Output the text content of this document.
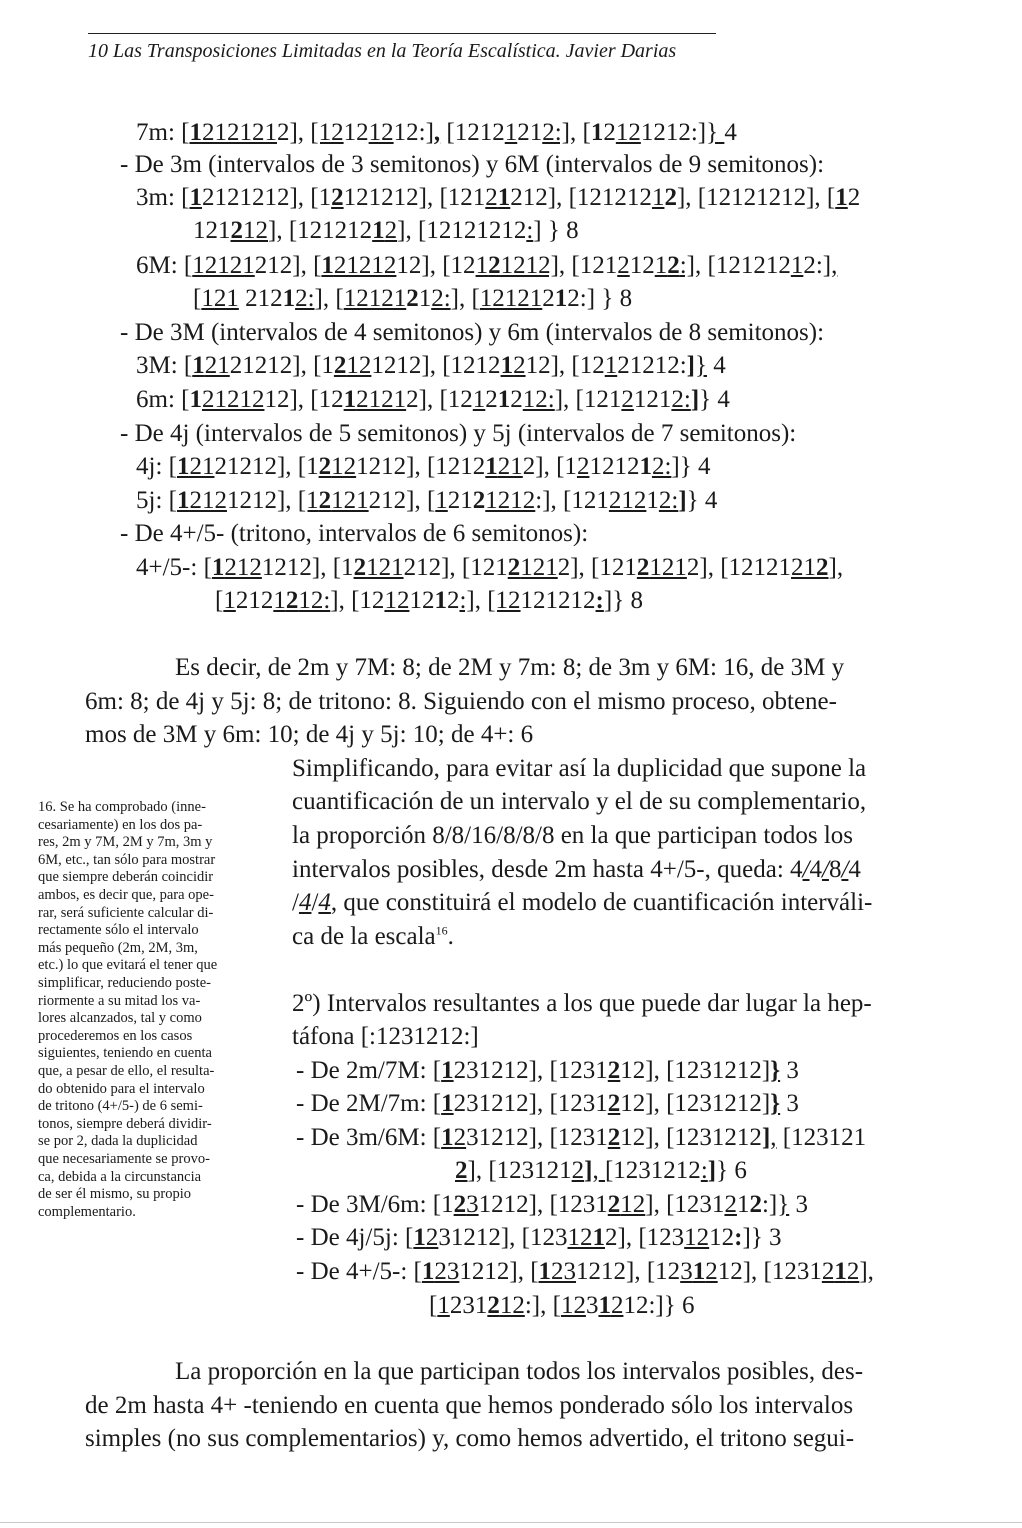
10 Las Transposiciones Limitadas en la Teoría Escalística. Javier Darias
7m: [12121212], [12121212:], [12121212:], [12121212:]} 4
- De 3m (intervalos de 3 semitonos) y 6M (intervalos de 9 semitonos):
3m: [12121212], [12121212], [12121212], [12121212], [12121212], [12
121212], [12121212], [12121212:] } 8
6M: [12121212], [12121212], [12121212], [12121212:], [12121212:],
[121 21212:], [12121212:], [12121212:] } 8
- De 3M (intervalos de 4 semitonos) y 6m (intervalos de 8 semitonos):
3M: [12121212], [12121212], [12121212], [12121212:]} 4
6m: [12121212], [12121212], [12121212:], [12121212:]} 4
- De 4j (intervalos de 5 semitonos) y 5j (intervalos de 7 semitonos):
4j: [12121212], [12121212], [12121212], [12121212:]} 4
5j: [12121212], [12121212], [12121212:], [12121212:]} 4
- De 4+/5- (tritono, intervalos de 6 semitonos):
4+/5-: [12121212], [12121212], [12121212], [12121212], [12121212],
[12121212:], [12121212:], [12121212:]} 8
Es decir, de 2m y 7M: 8; de 2M y 7m: 8; de 3m y 6M: 16, de 3M y
6m: 8; de 4j y 5j: 8; de tritono: 8. Siguiendo con el mismo proceso, obtene-
mos de 3M y 6m: 10; de 4j y 5j: 10; de 4+: 6
Simplificando, para evitar así la duplicidad que supone la
cuantificación de un intervalo y el de su complementario,
la proporción 8/8/16/8/8/8 en la que participan todos los
intervalos posibles, desde 2m hasta 4+/5-, queda: 4/4/8/4
/4/4, que constituirá el modelo de cuantificación interváli-
ca de la escala$^{16}$.
2º) Intervalos resultantes a los que puede dar lugar la hep-
táfona [:1231212:]
- De 2m/7M: [1231212], [1231212], [1231212]} 3
- De 2M/7m: [1231212], [1231212], [1231212]} 3
- De 3m/6M: [1231212], [1231212], [1231212], [123121
2], [1231212], [1231212:]} 6
- De 3M/6m: [1231212], [1231212], [1231212:]} 3
- De 4j/5j: [1231212], [1231212], [1231212:]} 3
- De 4+/5-: [1231212], [1231212], [1231212], [1231212],
[1231212:], [1231212:]} 6
16. Se ha comprobado (inne-
cesariamente) en los dos pa-
res, 2m y 7M, 2M y 7m, 3m y
6M, etc., tan sólo para mostrar
que siempre deberán coincidir
ambos, es decir que, para ope-
rar, será suficiente calcular di-
rectamente sólo el intervalo
más pequeño (2m, 2M, 3m,
etc.) lo que evitará el tener que
simplificar, reduciendo poste-
riormente a su mitad los va-
lores alcanzados, tal y como
procederemos en los casos
siguientes, teniendo en cuenta
que, a pesar de ello, el resulta-
do obtenido para el intervalo
de tritono (4+/5-) de 6 semi-
tonos, siempre deberá dividir-
se por 2, dada la duplicidad
que necesariamente se provo-
ca, debida a la circunstancia
de ser él mismo, su propio
complementario.
La proporción en la que participan todos los intervalos posibles, des-
de 2m hasta 4+ -teniendo en cuenta que hemos ponderado sólo los intervalos
simples (no sus complementarios) y, como hemos advertido, el tritono segui-
